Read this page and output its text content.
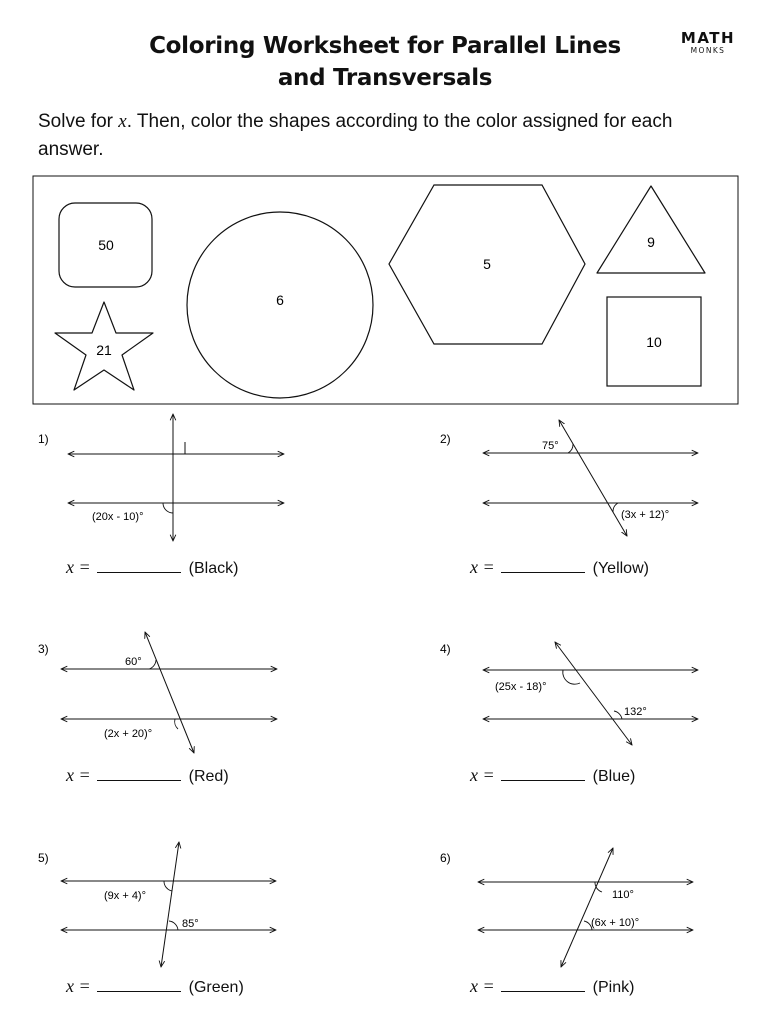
Coloring Worksheet for Parallel Lines
and Transversals
MATH
MONKS
Solve for x. Then, color the shapes according to the color assigned for each answer.
50
21
6
5
9
10
1)
(20x - 10)°
2)	75°
(3x + 12)°
3)
60°
(2x + 20)°
4)
(25x - 18)°
132°
5)
(9x + 4)°
85°
6)
110°
(6x + 10)°
x =	(Black)	x =	(Yellow)
x =	(Red)	x =	(Blue)
x =	(Green)	x =	(Pink)
